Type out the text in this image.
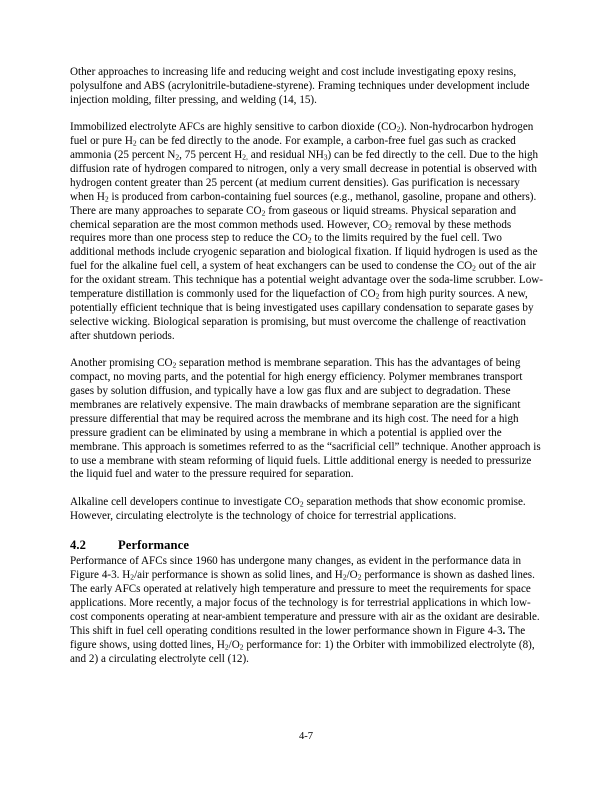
Other approaches to increasing life and reducing weight and cost include investigating epoxy resins, polysulfone and ABS (acrylonitrile-butadiene-styrene). Framing techniques under development include injection molding, filter pressing, and welding (14, 15).

Immobilized electrolyte AFCs are highly sensitive to carbon dioxide $(CO_2)$. Non-hydrocarbon hydrogen fuel or pure $H_2$ can be fed directly to the anode. For example, a carbon-free fuel gas such as cracked ammonia (25 percent $N_2$, 75 percent $H_{2,}$ and residual $NH_3$) can be fed directly to the cell. Due to the high diffusion rate of hydrogen compared to nitrogen, only a very small decrease in potential is observed with hydrogen content greater than 25 percent (at medium current densities). Gas purification is necessary when $H_2$ is produced from carbon-containing fuel sources (e.g., methanol, gasoline, propane and others). There are many approaches to separate $CO_2$ from gaseous or liquid streams. Physical separation and chemical separation are the most common methods used. However, $CO_2$ removal by these methods requires more than one process step to reduce the $CO_2$ to the limits required by the fuel cell. Two additional methods include cryogenic separation and biological fixation. If liquid hydrogen is used as the fuel for the alkaline fuel cell, a system of heat exchangers can be used to condense the $CO_2$ out of the air for the oxidant stream. This technique has a potential weight advantage over the soda-lime scrubber. Low-temperature distillation is commonly used for the liquefaction of $CO_2$ from high purity sources. A new, potentially efficient technique that is being investigated uses capillary condensation to separate gases by selective wicking. Biological separation is promising, but must overcome the challenge of reactivation after shutdown periods.

Another promising $CO_2$ separation method is membrane separation. This has the advantages of being compact, no moving parts, and the potential for high energy efficiency. Polymer membranes transport gases by solution diffusion, and typically have a low gas flux and are subject to degradation. These membranes are relatively expensive. The main drawbacks of membrane separation are the significant pressure differential that may be required across the membrane and its high cost. The need for a high pressure gradient can be eliminated by using a membrane in which a potential is applied over the membrane. This approach is sometimes referred to as the “sacrificial cell” technique. Another approach is to use a membrane with steam reforming of liquid fuels. Little additional energy is needed to pressurize the liquid fuel and water to the pressure required for separation.

Alkaline cell developers continue to investigate $CO_2$ separation methods that show economic promise. However, circulating electrolyte is the technology of choice for terrestrial applications.

4.2	Performance

Performance of AFCs since 1960 has undergone many changes, as evident in the performance data in Figure 4-3. $H_2$/air performance is shown as solid lines, and $H_2/O_2$ performance is shown as dashed lines. The early AFCs operated at relatively high temperature and pressure to meet the requirements for space applications. More recently, a major focus of the technology is for terrestrial applications in which low-cost components operating at near-ambient temperature and pressure with air as the oxidant are desirable. This shift in fuel cell operating conditions resulted in the lower performance shown in Figure 4-3. The figure shows, using dotted lines, $H_2/O_2$ performance for: 1) the Orbiter with immobilized electrolyte (8), and 2) a circulating electrolyte cell (12).

4-7
